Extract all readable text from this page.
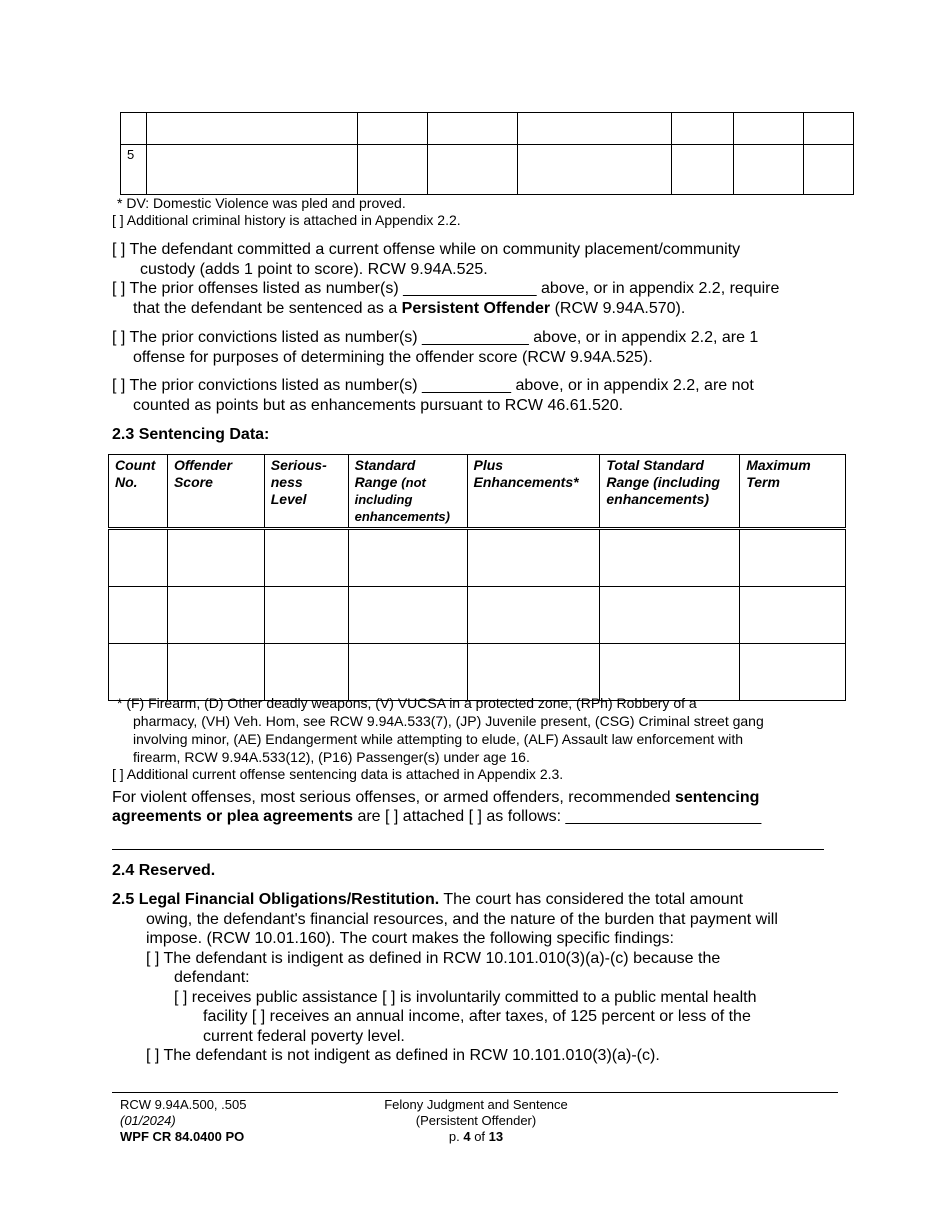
5							
* DV: Domestic Violence was pled and proved.
[ ] Additional criminal history is attached in Appendix 2.2.
[ ] The defendant committed a current offense while on community placement/community
custody (adds 1 point to score). RCW 9.94A.525.
[ ] The prior offenses listed as number(s) _______________ above, or in appendix 2.2, require
that the defendant be sentenced as a Persistent Offender (RCW 9.94A.570).
[ ] The prior convictions listed as number(s) ____________ above, or in appendix 2.2, are 1
offense for purposes of determining the offender score (RCW 9.94A.525).
[ ] The prior convictions listed as number(s) __________ above, or in appendix 2.2, are not
counted as points but as enhancements pursuant to RCW 46.61.520.
2.3 Sentencing Data:
Count No.	Offender Score	Serious-ness Level	Standard Range (not including enhancements)	Plus Enhancements*	Total Standard Range (including enhancements)	Maximum Term

* (F) Firearm, (D) Other deadly weapons, (V) VUCSA in a protected zone, (RPh) Robbery of a
pharmacy, (VH) Veh. Hom, see RCW 9.94A.533(7), (JP) Juvenile present, (CSG) Criminal street gang
involving minor, (AE) Endangerment while attempting to elude, (ALF) Assault law enforcement with
firearm, RCW 9.94A.533(12), (P16) Passenger(s) under age 16.
[ ] Additional current offense sentencing data is attached in Appendix 2.3.
For violent offenses, most serious offenses, or armed offenders, recommended sentencing
agreements or plea agreements are [ ] attached [ ] as follows: ______________________
2.4 Reserved.
2.5 Legal Financial Obligations/Restitution. The court has considered the total amount
owing, the defendant's financial resources, and the nature of the burden that payment will
impose. (RCW 10.01.160). The court makes the following specific findings:
[ ] The defendant is indigent as defined in RCW 10.101.010(3)(a)-(c) because the
defendant:
[ ] receives public assistance [ ] is involuntarily committed to a public mental health
facility [ ] receives an annual income, after taxes, of 125 percent or less of the
current federal poverty level.
[ ] The defendant is not indigent as defined in RCW 10.101.010(3)(a)-(c).
RCW 9.94A.500, .505
(01/2024)
WPF CR 84.0400 PO
Felony Judgment and Sentence
(Persistent Offender)
p. 4 of 13
